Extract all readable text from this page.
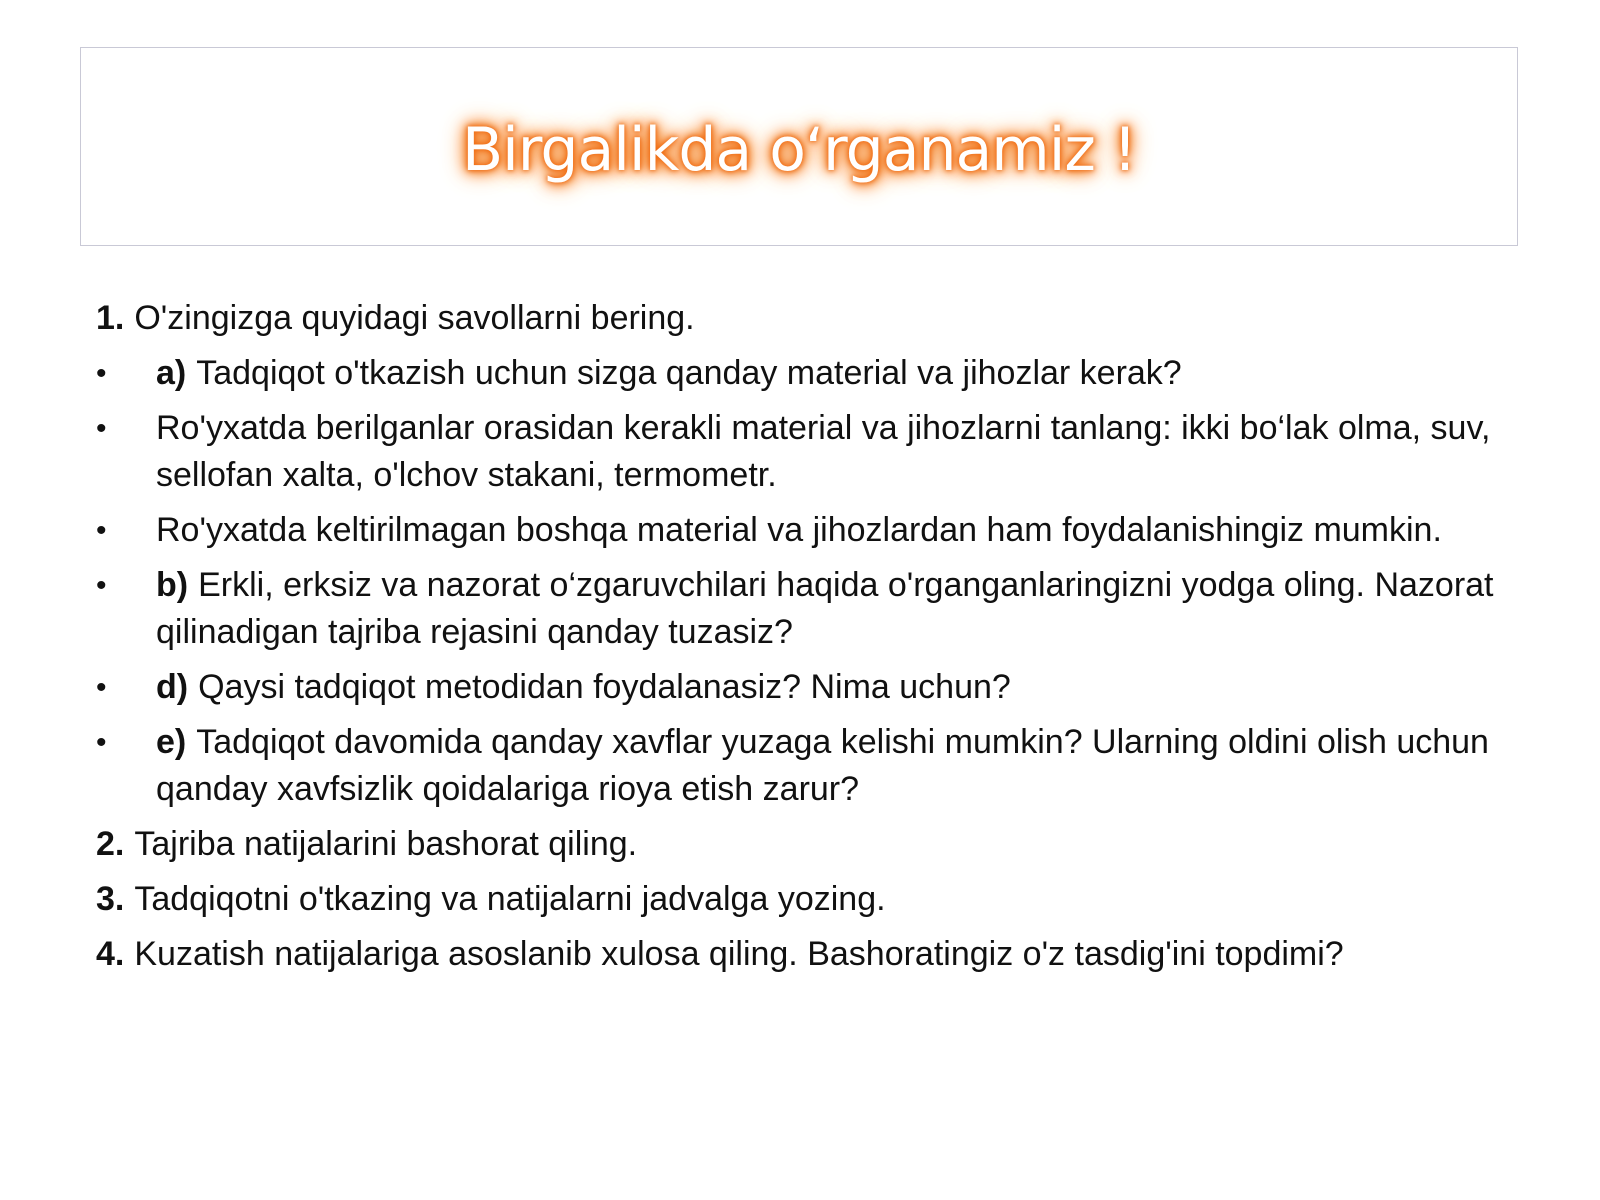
Birgalikda o‘rganamiz !
1. O'zingizga quyidagi savollarni bering.
•	a) Tadqiqot o'tkazish uchun sizga qanday material va jihozlar kerak?
•	Ro'yxatda berilganlar orasidan kerakli material va jihozlarni tanlang: ikki bo‘lak olma, suv, sellofan xalta, o'lchov stakani, termometr.
•	Ro'yxatda keltirilmagan boshqa material va jihozlardan ham foydalanishingiz mumkin.
•	b) Erkli, erksiz va nazorat o‘zgaruvchilari haqida o'rganganlaringizni yodga oling. Nazorat qilinadigan tajriba rejasini qanday tuzasiz?
•	d) Qaysi tadqiqot metodidan foydalanasiz? Nima uchun?
•	e) Tadqiqot davomida qanday xavflar yuzaga kelishi mumkin? Ularning oldini olish uchun qanday xavfsizlik qoidalariga rioya etish zarur?
2. Tajriba natijalarini bashorat qiling.
3. Tadqiqotni o'tkazing va natijalarni jadvalga yozing.
4. Kuzatish natijalariga asoslanib xulosa qiling. Bashoratingiz o'z tasdig'ini topdimi?
